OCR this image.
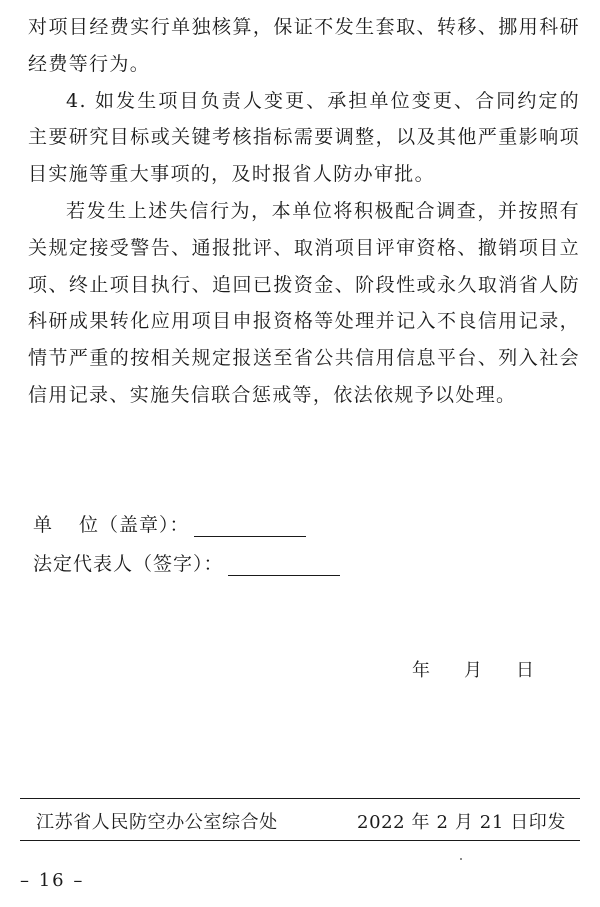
对项目经费实行单独核算，保证不发生套取、转移、挪用科研经费等行为。

4. 如发生项目负责人变更、承担单位变更、合同约定的主要研究目标或关键考核指标需要调整，以及其他严重影响项目实施等重大事项的，及时报省人防办审批。

若发生上述失信行为，本单位将积极配合调查，并按照有关规定接受警告、通报批评、取消项目评审资格、撤销项目立项、终止项目执行、追回已拨资金、阶段性或永久取消省人防科研成果转化应用项目申报资格等处理并记入不良信用记录，情节严重的按相关规定报送至省公共信用信息平台、列入社会信用记录、实施失信联合惩戒等，依法依规予以处理。

单 位 （盖章）：
法定代表人 （签字）：
年 月 日
江苏省人民防空办公室综合处	2022 年 2 月 21 日印发
– 16 –
